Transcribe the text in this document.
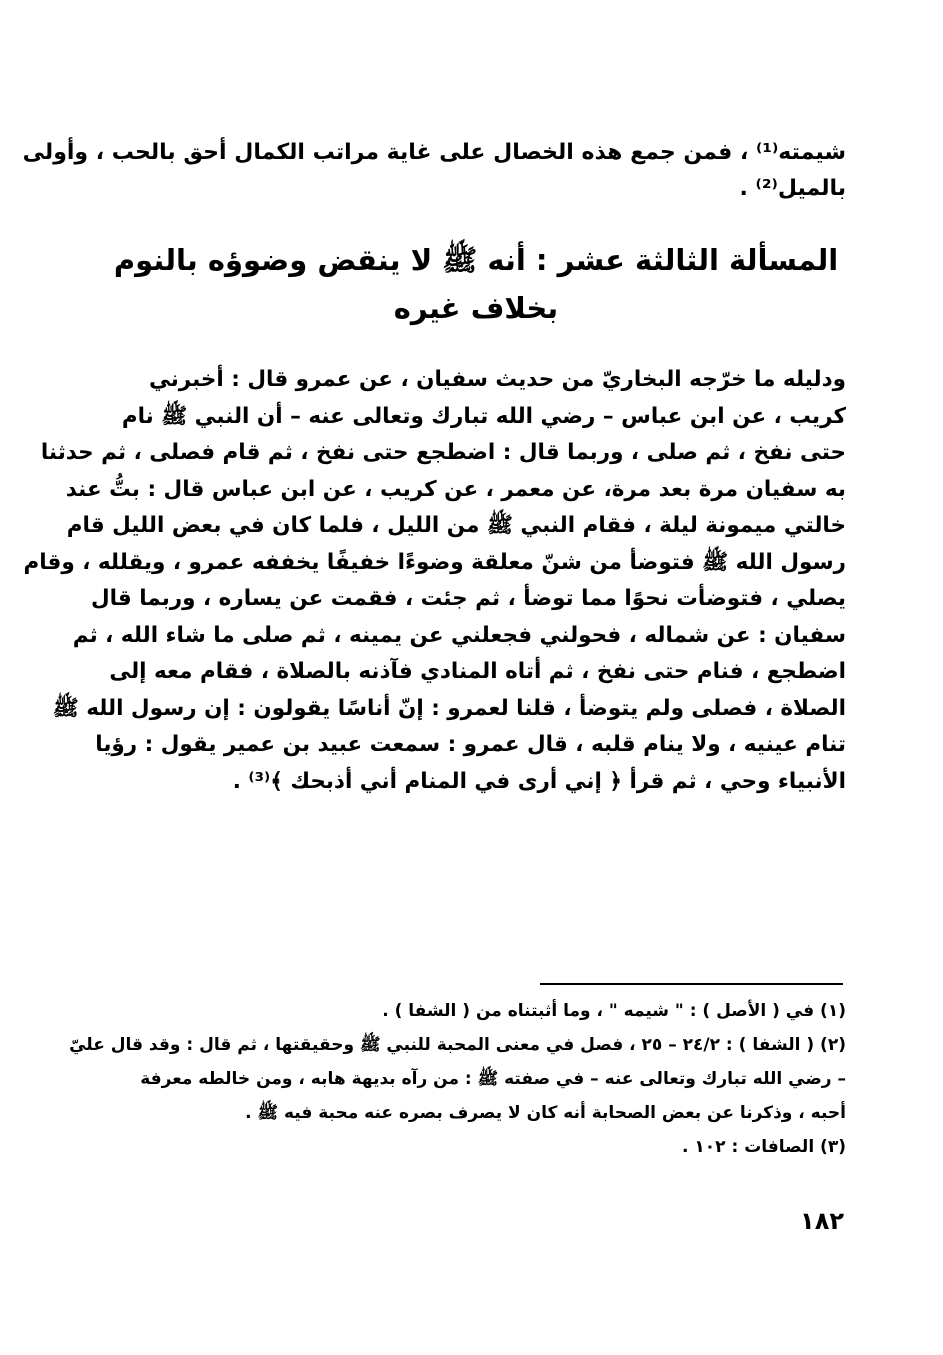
شيمته⁽¹⁾ ، فمن جمع هذه الخصال على غاية مراتب الكمال أحق بالحب ، وأولى
بالميل⁽²⁾ .
المسألة الثالثة عشر : أنه ﷺ لا ينقض وضوؤه بالنوم
بخلاف غيره
ودليله ما خرّجه البخاريّ من حديث سفيان ، عن عمرو قال : أخبرني
كريب ، عن ابن عباس – رضي الله تبارك وتعالى عنه – أن النبي ﷺ نام
حتى نفخ ، ثم صلى ، وربما قال : اضطجع حتى نفخ ، ثم قام فصلى ، ثم حدثنا
به سفيان مرة بعد مرة، عن معمر ، عن كريب ، عن ابن عباس قال : بتُّ عند
خالتي ميمونة ليلة ، فقام النبي ﷺ من الليل ، فلما كان في بعض الليل قام
رسول الله ﷺ فتوضأ من شنّ معلقة وضوءًا خفيفًا يخففه عمرو ، ويقلله ، وقام
يصلي ، فتوضأت نحوًا مما توضأ ، ثم جئت ، فقمت عن يساره ، وربما قال
سفيان : عن شماله ، فحولني فجعلني عن يمينه ، ثم صلى ما شاء الله ، ثم
اضطجع ، فنام حتى نفخ ، ثم أتاه المنادي فآذنه بالصلاة ، فقام معه إلى
الصلاة ، فصلى ولم يتوضأ ، قلنا لعمرو : إنّ أناسًا يقولون : إن رسول الله ﷺ
تنام عينيه ، ولا ينام قلبه ، قال عمرو : سمعت عبيد بن عمير يقول : رؤيا
الأنبياء وحي ، ثم قرأ ﴿ إني أرى في المنام أني أذبحك ﴾⁽³⁾ .
(١) في ( الأصل ) : " شيمه " ، وما أثبتناه من ( الشفا ) .
(٢) ( الشفا ) : ٢٤/٢ – ٢٥ ، فصل في معنى المحبة للنبي ﷺ وحقيقتها ، ثم قال : وقد قال عليّ
– رضي الله تبارك وتعالى عنه – في صفته ﷺ : من رآه بديهة هابه ، ومن خالطه معرفة
أحبه ، وذكرنا عن بعض الصحابة أنه كان لا يصرف بصره عنه محبة فيه ﷺ .
(٣) الصافات : ١٠٢ .
١٨٢
